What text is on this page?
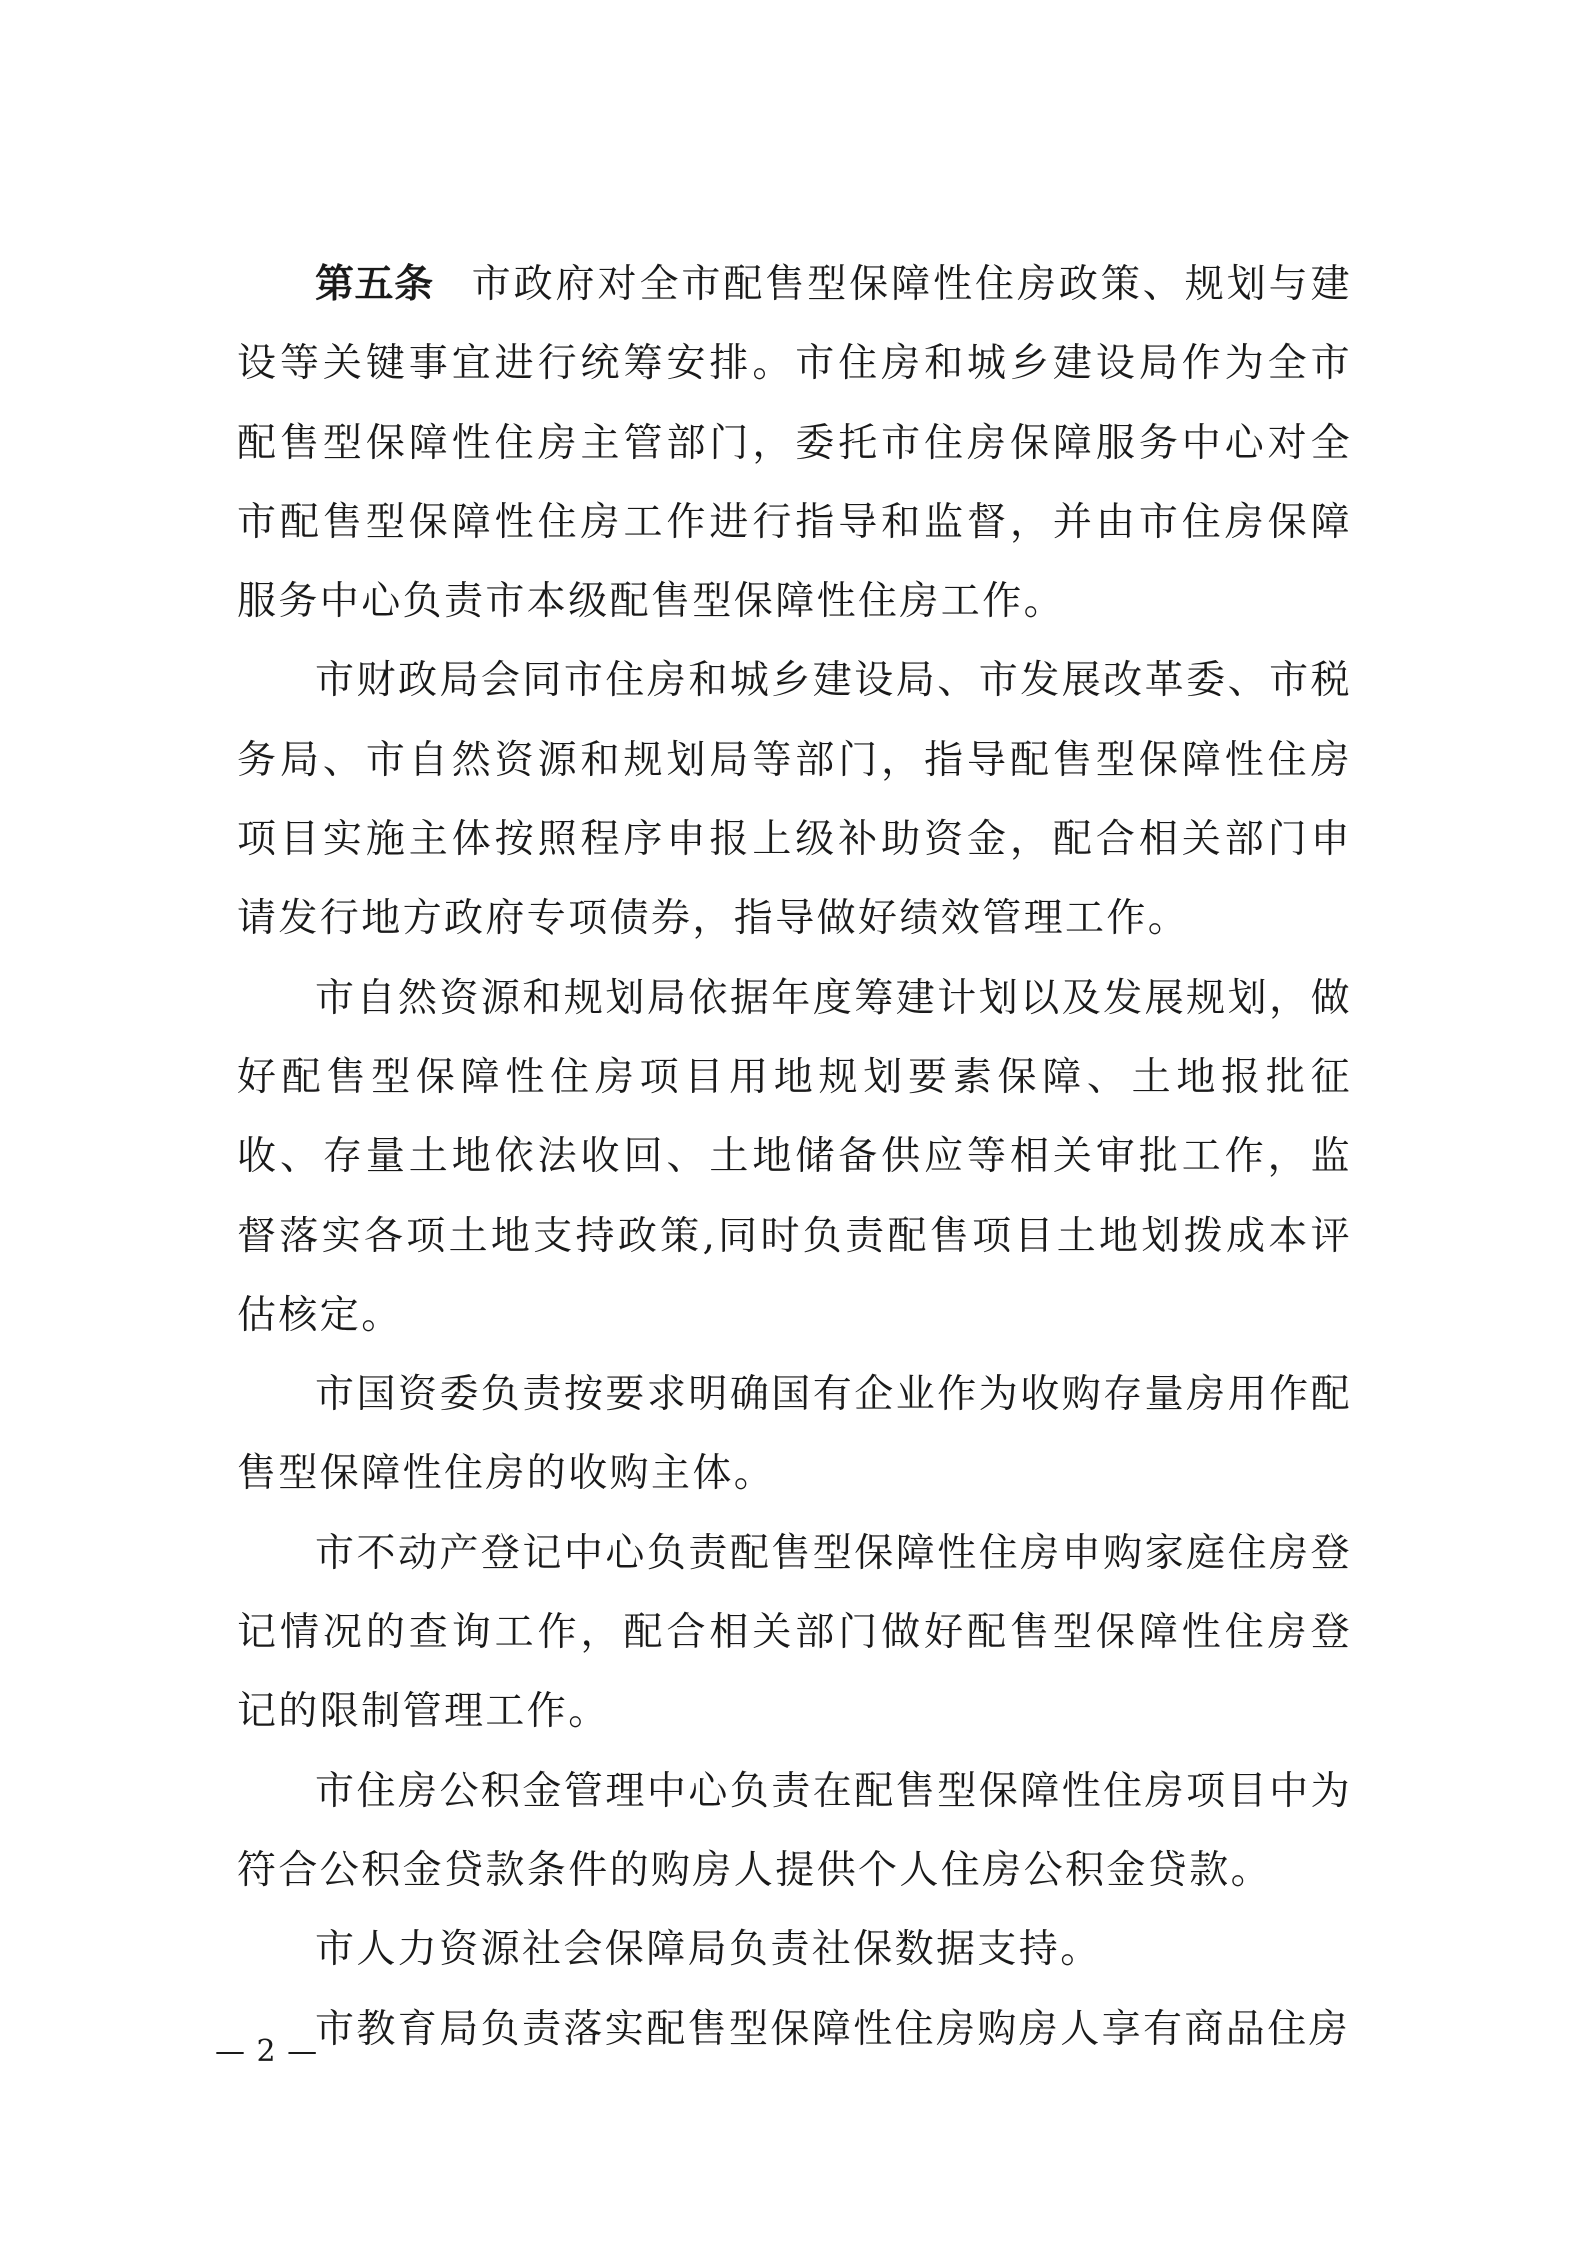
第五条 市政府对全市配售型保障性住房政策、规划与建设等关键事宜进行统筹安排。市住房和城乡建设局作为全市配售型保障性住房主管部门，委托市住房保障服务中心对全市配售型保障性住房工作进行指导和监督，并由市住房保障服务中心负责市本级配售型保障性住房工作。

市财政局会同市住房和城乡建设局、市发展改革委、市税务局、市自然资源和规划局等部门，指导配售型保障性住房项目实施主体按照程序申报上级补助资金，配合相关部门申请发行地方政府专项债券，指导做好绩效管理工作。

市自然资源和规划局依据年度筹建计划以及发展规划，做好配售型保障性住房项目用地规划要素保障、土地报批征收、存量土地依法收回、土地储备供应等相关审批工作，监督落实各项土地支持政策,同时负责配售项目土地划拨成本评估核定。

市国资委负责按要求明确国有企业作为收购存量房用作配售型保障性住房的收购主体。

市不动产登记中心负责配售型保障性住房申购家庭住房登记情况的查询工作，配合相关部门做好配售型保障性住房登记的限制管理工作。

市住房公积金管理中心负责在配售型保障性住房项目中为符合公积金贷款条件的购房人提供个人住房公积金贷款。

市人力资源社会保障局负责社保数据支持。

市教育局负责落实配售型保障性住房购房人享有商品住房

— 2 —
